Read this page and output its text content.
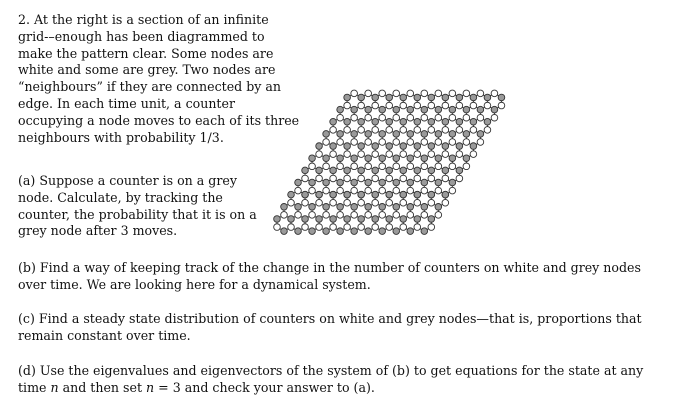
2. At the right is a section of an infinite grid-–enough has been diagrammed to make the pattern clear. Some nodes are white and some are grey. Two nodes are “neighbours” if they are connected by an edge. In each time unit, a counter occupying a node moves to each of its three neighbours with probability 1/3.

(a) Suppose a counter is on a grey node. Calculate, by tracking the counter, the probability that it is on a grey node after 3 moves.

(b) Find a way of keeping track of the change in the number of counters on white and grey nodes over time. We are looking here for a dynamical system.

(c) Find a steady state distribution of counters on white and grey nodes—that is, proportions that remain constant over time.

(d) Use the eigenvalues and eigenvectors of the system of (b) to get equations for the state at any time n and then set n = 3 and check your answer to (a).
